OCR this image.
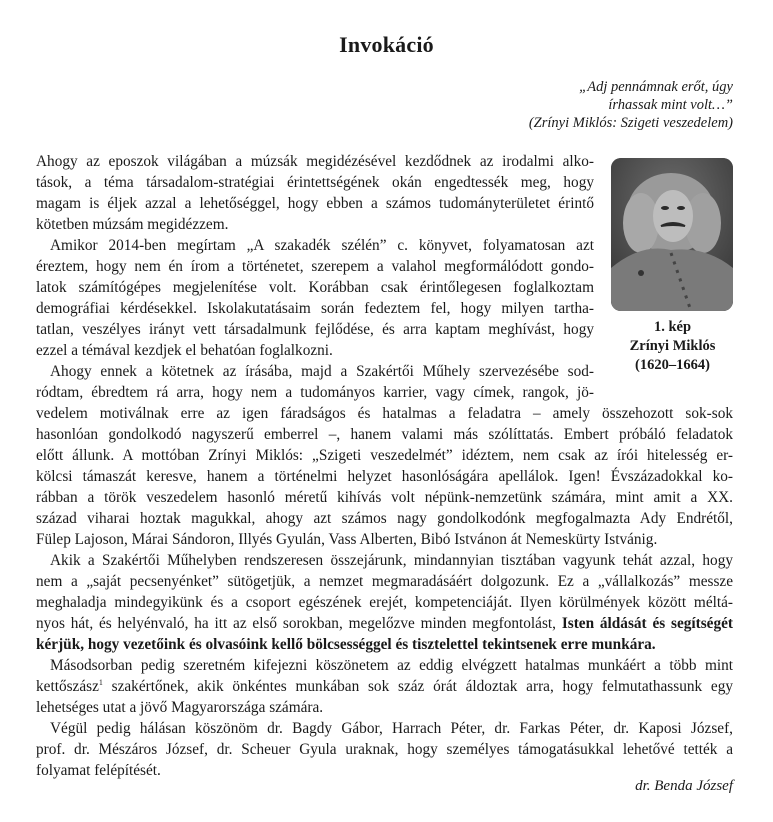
Invokáció
„Adj pennámnak erőt, úgy
írhassak mint volt…”
(Zrínyi Miklós: Szigeti veszedelem)
1. kép
Zrínyi Miklós
(1620–1664)
Ahogy az eposzok világában a múzsák megidézésével kezdődnek az irodalmi alko-
tások, a téma társadalom-stratégiai érintettségének okán engedtessék meg, hogy
magam is éljek azzal a lehetőséggel, hogy ebben a számos tudományterületet érintő
kötetben múzsám megidézzem.
Amikor 2014-ben megírtam „A szakadék szélén” c. könyvet, folyamatosan azt
éreztem, hogy nem én írom a történetet, szerepem a valahol megformálódott gondo-
latok számítógépes megjelenítése volt. Korábban csak érintőlegesen foglalkoztam
demográfiai kérdésekkel. Iskolakutatásaim során fedeztem fel, hogy milyen tartha-
tatlan, veszélyes irányt vett társadalmunk fejlődése, és arra kaptam meghívást, hogy
ezzel a témával kezdjek el behatóan foglalkozni.
Ahogy ennek a kötetnek az írásába, majd a Szakértői Műhely szervezésébe sod-
ródtam, ébredtem rá arra, hogy nem a tudományos karrier, vagy címek, rangok, jö-
vedelem motiválnak erre az igen fáradságos és hatalmas a feladatra – amely összehozott sok-sok
hasonlóan gondolkodó nagyszerű emberrel –, hanem valami más szólíttatás. Embert próbáló feladatok
előtt állunk. A mottóban Zrínyi Miklós: „Szigeti veszedelmét” idéztem, nem csak az írói hitelesség er-
kölcsi támaszát keresve, hanem a történelmi helyzet hasonlóságára apellálok. Igen! Évszázadokkal ko-
rábban a török veszedelem hasonló méretű kihívás volt népünk-nemzetünk számára, mint amit a XX.
század viharai hoztak magukkal, ahogy azt számos nagy gondolkodónk megfogalmazta Ady Endrétől,
Fülep Lajoson, Márai Sándoron, Illyés Gyulán, Vass Alberten, Bibó Istvánon át Nemeskürty Istvánig.
Akik a Szakértői Műhelyben rendszeresen összejárunk, mindannyian tisztában vagyunk tehát azzal, hogy
nem a „saját pecsenyénket” sütögetjük, a nemzet megmaradásáért dolgozunk. Ez a „vállalkozás” messze
meghaladja mindegyikünk és a csoport egészének erejét, kompetenciáját. Ilyen körülmények között méltá-
nyos hát, és helyénvaló, ha itt az első sorokban, megelőzve minden megfontolást, Isten áldását és segítségét
kérjük, hogy vezetőink és olvasóink kellő bölcsességgel és tisztelettel tekintsenek erre munkára.
Másodsorban pedig szeretném kifejezni köszönetem az eddig elvégzett hatalmas munkáért a több mint
kettőszász$^1$ szakértőnek, akik önkéntes munkában sok száz órát áldoztak arra, hogy felmutathassunk egy
lehetséges utat a jövő Magyarországa számára.
Végül pedig hálásan köszönöm dr. Bagdy Gábor, Harrach Péter, dr. Farkas Péter, dr. Kaposi József,
prof. dr. Mészáros József, dr. Scheuer Gyula uraknak, hogy személyes támogatásukkal lehetővé tették a
folyamat felépítését.
dr. Benda József
